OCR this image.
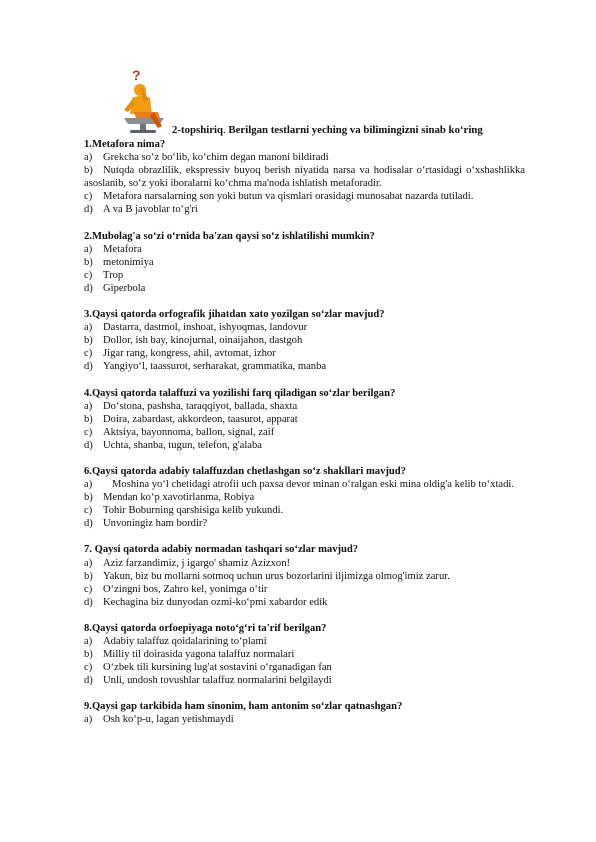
?
2-topshiriq. Berilgan testlarni yeching va bilimingizni sinab ko‘ring
1.Metafora nima?
a)	Grekcha so‘z bo‘lib, ko‘chim degan manoni bildiradi
b) Nutqda obrazlilik, ekspressiv buyoq berish niyatida narsa va hodisalar o‘rtasidagi o‘xshashlikka asoslanib, so‘z yoki iboralarni ko‘chma ma'noda ishlatish metaforadir.
c)	Metafora narsalarning son yoki butun va qismlari orasidagi munosabat nazarda tutiladi.
d) A va B javoblar to‘g'ri
2.Mubolag'a so‘zi o‘rnida ba'zan qaysi so‘z ishlatilishi mumkin?
a)	Metafora
b) metonimiya
c)	Trop
d) Giperbola
3.Qaysi qatorda orfografik jihatdan xato yozilgan so‘zlar mavjud?
a)	Dastarra, dastmol, inshoat, ishyoqmas, landovur
b) Dollor, ish bay, kinojurnal, oinaijahon, dastgoh
c)	Jigar rang, kongress, ahil, avtomat, izhor
d) Yangiyo‘l, taassurot, serharakat, grammatika, manba
4.Qaysi qatorda talaffuzi va yozilishi farq qiladigan so‘zlar berilgan?
a)	Do‘stona, pashsha, taraqqiyot, ballada, shaxta
b) Doira, zabardast, akkordeon, taasurot, apparat
c)	Aktsiya, bayonnoma, ballon, signal, zaif
d) Uchta, shanba, tugun, telefon, g'alaba
6.Qaysi qatorda adabiy talaffuzdan chetlashgan so‘z shakllari mavjud?
a)	Moshina yo‘l chetidagi atrofii uch paxsa devor minan o‘ralgan eski mina oldig'a kelib to‘xtadi.
b) Mendan ko‘p xavotirlanma, Robiya
c)	Tohir Boburning qarshisiga kelib yukundi.
d) Unvoningiz ham bordir?
7. Qaysi qatorda adabiy normadan tashqari so‘zlar mavjud?
a)	Aziz farzandimiz, j igargo' shamiz Azizxon!
b) Yakun, biz bu mollarni sotmoq uchun urus bozorlarini iljimizga olmog'imiz zarur.
c)	O‘zingni bos, Zahro kel, yonimga o‘tir
d) Kechagina biz dunyodan ozmi-ko‘pmi xabardor edik
8.Qaysi qatorda orfoepiyaga noto‘g‘ri ta'rif berilgan?
a)	Adabiy talaffuz qoidalarining to‘plami
b) Milliy til doirasida yagona talaffuz normalari
c)	O‘zbek tili kursining lug'at sostavini o‘rganadigan fan
d) Unli, undosh tovushlar talaffuz normalarini belgilaydi
9.Qaysi gap tarkibida ham sinonim, ham antonim so‘zlar qatnashgan?
a)	Osh ko‘p-u, lagan yetishmaydi
